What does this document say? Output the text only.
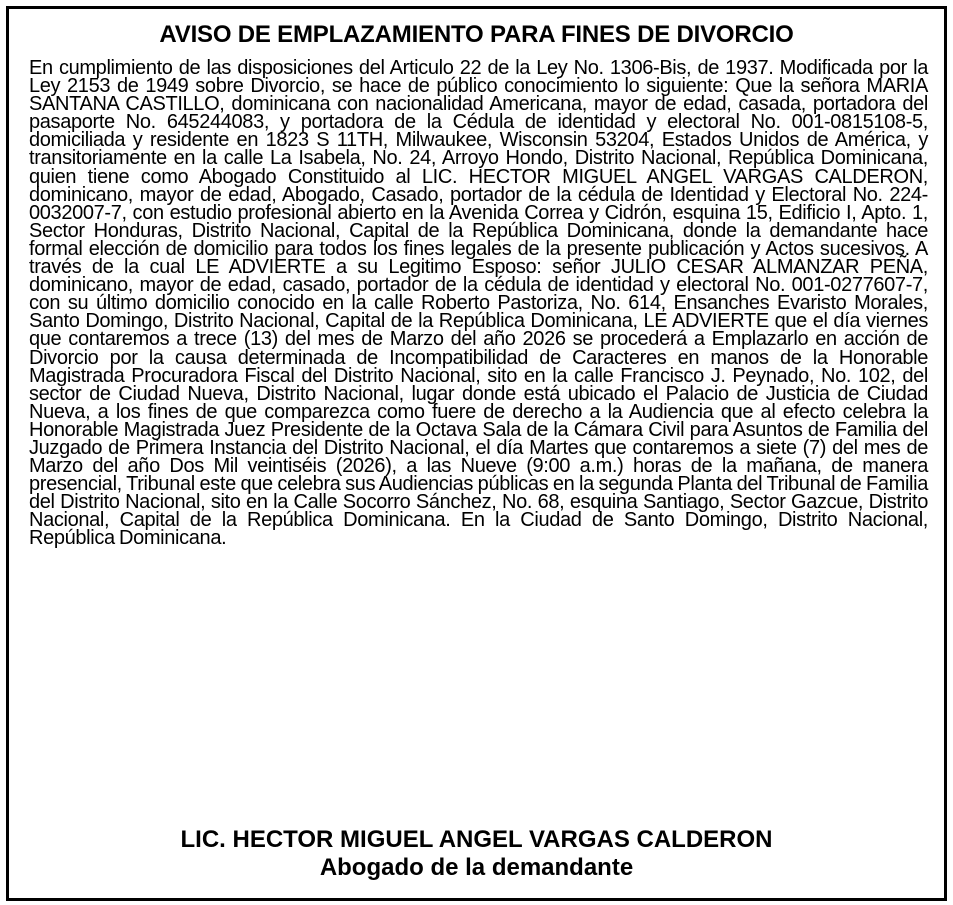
AVISO DE EMPLAZAMIENTO PARA FINES DE DIVORCIO
En cumplimiento de las disposiciones del Articulo 22 de la Ley No. 1306-Bis, de 1937. Modificada por la Ley 2153 de 1949 sobre Divorcio, se hace de público conocimiento lo siguiente: Que la señora MARIA SANTANA CASTILLO, dominicana con nacionalidad Americana, mayor de edad, casada, portadora del pasaporte No. 645244083, y portadora de la Cédula de identidad y electoral No. 001-0815108-5, domiciliada y residente en 1823 S 11TH, Milwaukee, Wisconsin 53204, Estados Unidos de América, y transitoriamente en la calle La Isabela, No. 24, Arroyo Hondo, Distrito Nacional, República Dominicana, quien tiene como Abogado Constituido al LIC. HECTOR MIGUEL ANGEL VARGAS CALDERON, dominicano, mayor de edad, Abogado, Casado, portador de la cédula de Identidad y Electoral No. 224-0032007-7, con estudio profesional abierto en la Avenida Correa y Cidrón, esquina 15, Edificio I, Apto. 1, Sector Honduras, Distrito Nacional, Capital de la República Dominicana, donde la demandante hace formal elección de domicilio para todos los fines legales de la presente publicación y Actos sucesivos. A través de la cual LE ADVIERTE a su Legitimo Esposo: señor JULIO CESAR ALMANZAR PEÑA, dominicano, mayor de edad, casado, portador de la cédula de identidad y electoral No. 001-0277607-7, con su último domicilio conocido en la calle Roberto Pastoriza, No. 614, Ensanches Evaristo Morales, Santo Domingo, Distrito Nacional, Capital de la República Dominicana, LE ADVIERTE que el día viernes que contaremos a trece (13) del mes de Marzo del año 2026 se procederá a Emplazarlo en acción de Divorcio por la causa determinada de Incompatibilidad de Caracteres en manos de la Honorable Magistrada Procuradora Fiscal del Distrito Nacional, sito en la calle Francisco J. Peynado, No. 102, del sector de Ciudad Nueva, Distrito Nacional, lugar donde está ubicado el Palacio de Justicia de Ciudad Nueva, a los fines de que comparezca como fuere de derecho a la Audiencia que al efecto celebra la Honorable Magistrada Juez Presidente de la Octava Sala de la Cámara Civil para Asuntos de Familia del Juzgado de Primera Instancia del Distrito Nacional, el día Martes que contaremos a siete (7) del mes de Marzo del año Dos Mil veintiséis (2026), a las Nueve (9:00 a.m.) horas de la mañana, de manera presencial, Tribunal este que celebra sus Audiencias públicas en la segunda Planta del Tribunal de Familia del Distrito Nacional, sito en la Calle Socorro Sánchez, No. 68, esquina Santiago, Sector Gazcue, Distrito Nacional, Capital de la República Dominicana. En la Ciudad de Santo Domingo, Distrito Nacional, República Dominicana.
LIC. HECTOR MIGUEL ANGEL VARGAS CALDERON
Abogado de la demandante
